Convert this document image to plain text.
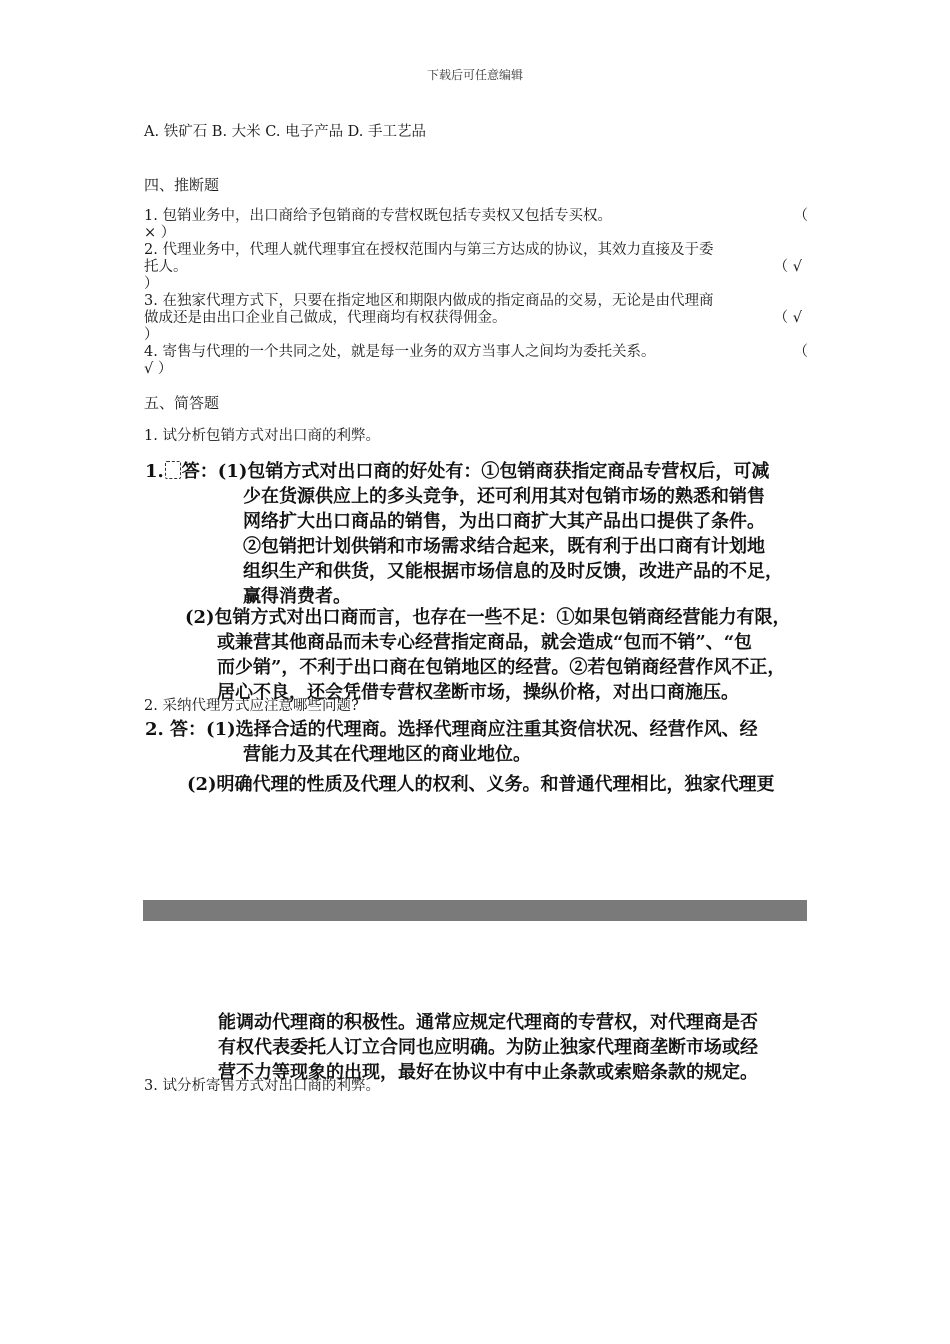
下载后可任意编辑
A. 铁矿石 B. 大米 C. 电子产品 D. 手工艺品
四、推断题
1. 包销业务中，出口商给予包销商的专营权既包括专卖权又包括专买权。	（
× ）
2. 代理业务中，代理人就代理事宜在授权范围内与第三方达成的协议，其效力直接及于委
托人。	（ √
）
3. 在独家代理方式下，只要在指定地区和期限内做成的指定商品的交易，无论是由代理商
做成还是由出口企业自己做成，代理商均有权获得佣金。	（ √
）
4. 寄售与代理的一个共同之处，就是每一业务的双方当事人之间均为委托关系。	（
√ ）
五、简答题
1. 试分析包销方式对出口商的利弊。
1. 答：(1)包销方式对出口商的好处有：①包销商获指定商品专营权后，可减
少在货源供应上的多头竞争，还可利用其对包销市场的熟悉和销售
网络扩大出口商品的销售，为出口商扩大其产品出口提供了条件。
②包销把计划供销和市场需求结合起来，既有利于出口商有计划地
组织生产和供货，又能根据市场信息的及时反馈，改进产品的不足，
赢得消费者。
(2)包销方式对出口商而言，也存在一些不足：①如果包销商经营能力有限，
或兼营其他商品而未专心经营指定商品，就会造成“包而不销”、“包
而少销”，不利于出口商在包销地区的经营。②若包销商经营作风不正，
居心不良，还会凭借专营权垄断市场，操纵价格，对出口商施压。
2. 采纳代理方式应注意哪些问题?
2. 答：(1)选择合适的代理商。选择代理商应注重其资信状况、经营作风、经
营能力及其在代理地区的商业地位。
(2)明确代理的性质及代理人的权利、义务。和普通代理相比，独家代理更
能调动代理商的积极性。通常应规定代理商的专营权，对代理商是否
有权代表委托人订立合同也应明确。为防止独家代理商垄断市场或经
营不力等现象的出现，最好在协议中有中止条款或索赔条款的规定。
3. 试分析寄售方式对出口商的利弊。
